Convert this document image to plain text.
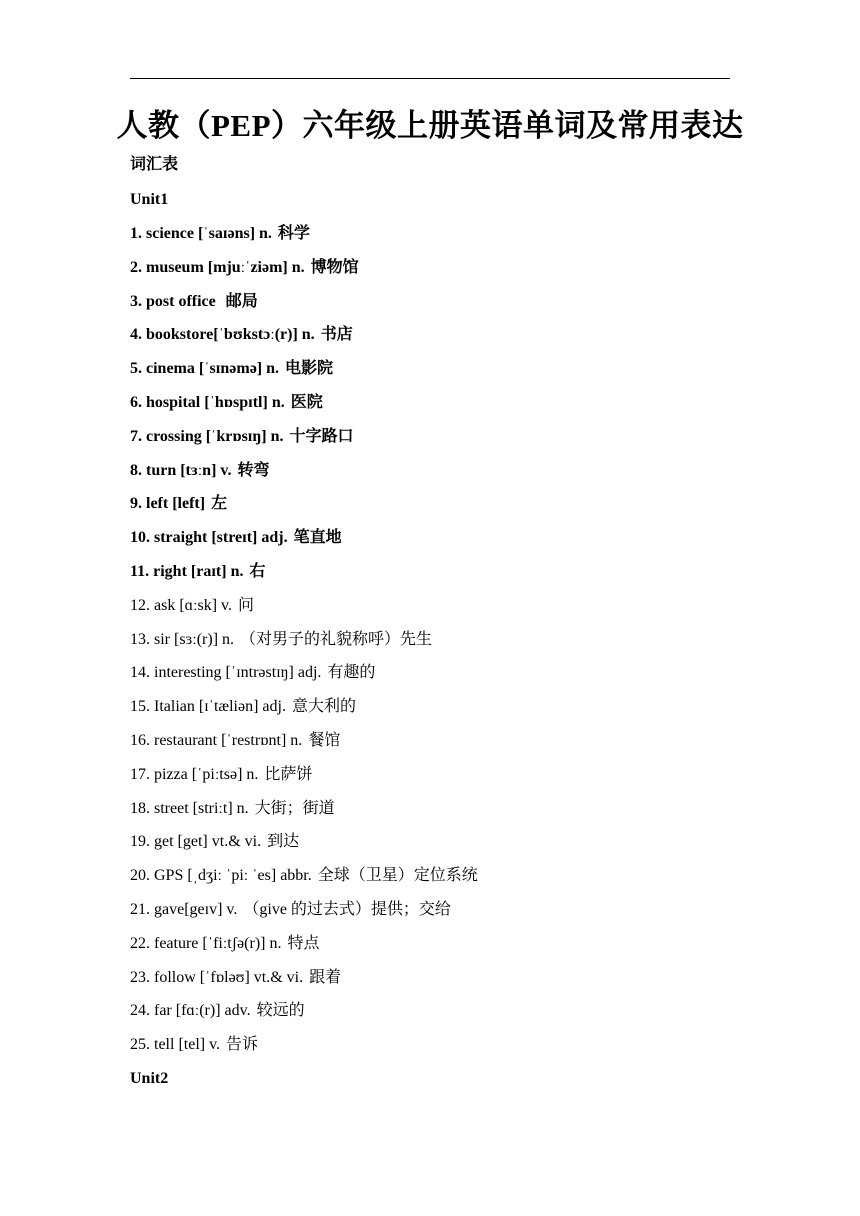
人教（PEP）六年级上册英语单词及常用表达
词汇表
Unit1
1. science [ˈsaɪəns] n. 科学
2. museum [mjuːˈziəm] n. 博物馆
3. post office 邮局
4. bookstore[ˈbʊkstɔː(r)] n. 书店
5. cinema [ˈsɪnəmə] n. 电影院
6. hospital [ˈhɒspɪtl] n. 医院
7. crossing [ˈkrɒsɪŋ] n. 十字路口
8. turn [tɜːn] v. 转弯
9. left [left] 左
10. straight [streɪt] adj. 笔直地
11. right [raɪt] n. 右
12. ask [ɑːsk] v. 问
13. sir [sɜː(r)] n. （对男子的礼貌称呼）先生
14. interesting [ˈɪntrəstɪŋ] adj. 有趣的
15. Italian [ɪˈtæliən] adj. 意大利的
16. restaurant [ˈrestrɒnt] n. 餐馆
17. pizza [ˈpiːtsə] n. 比萨饼
18. street [striːt] n. 大街；街道
19. get [get] vt.& vi. 到达
20. GPS [ˌdʒiː ˈpiː ˈes] abbr. 全球（卫星）定位系统
21. gave[geɪv] v. （give 的过去式）提供；交给
22. feature [ˈfiːtʃə(r)] n. 特点
23. follow [ˈfɒləʊ] vt.& vi. 跟着
24. far [fɑː(r)] adv. 较远的
25. tell [tel] v. 告诉
Unit2
